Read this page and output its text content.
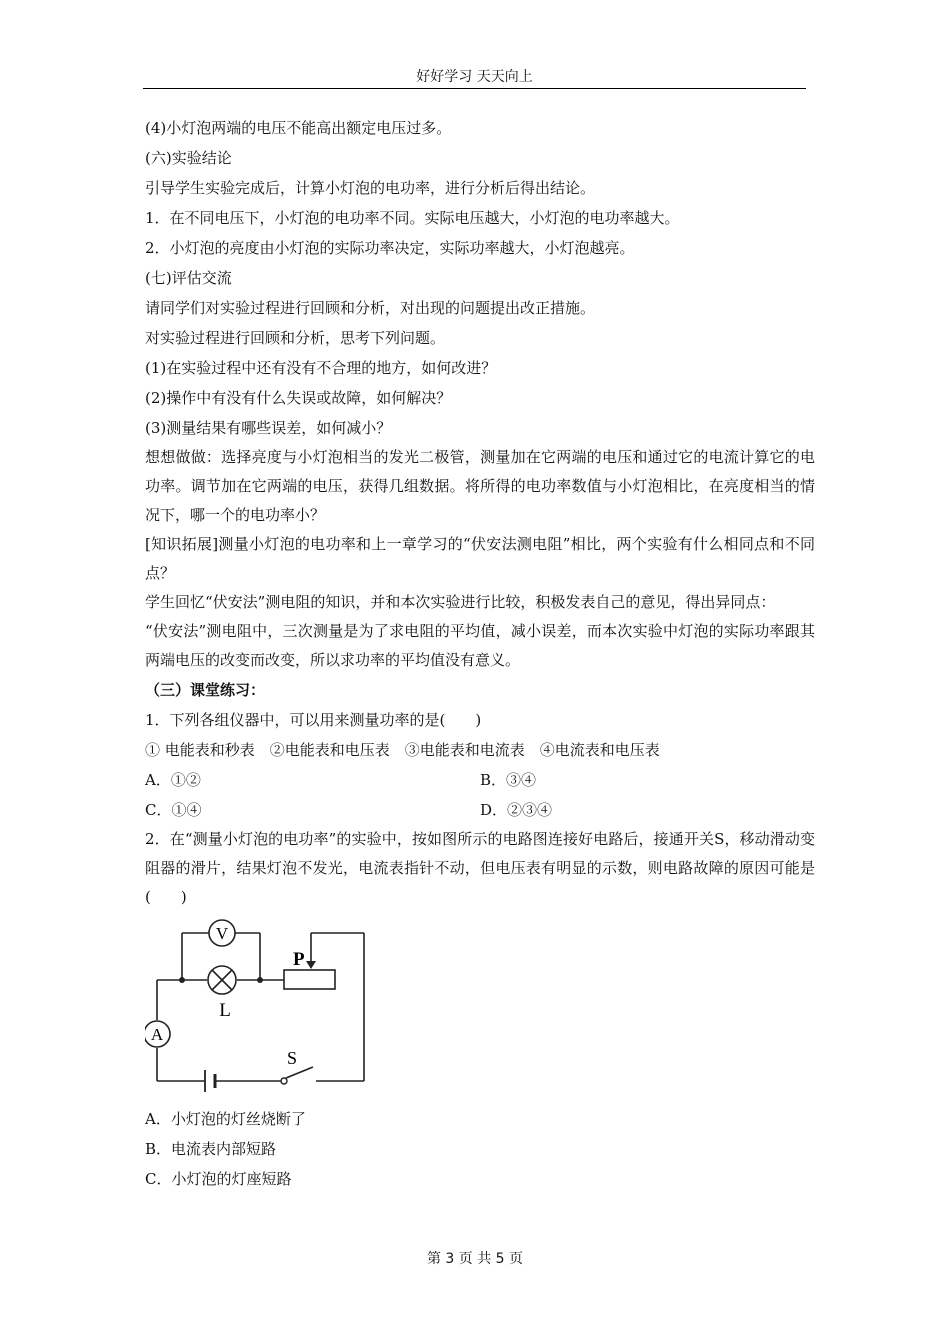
好好学习 天天向上
(4)小灯泡两端的电压不能高出额定电压过多。
(六)实验结论
引导学生实验完成后，计算小灯泡的电功率，进行分析后得出结论。
1．在不同电压下，小灯泡的电功率不同。实际电压越大，小灯泡的电功率越大。
2．小灯泡的亮度由小灯泡的实际功率决定，实际功率越大，小灯泡越亮。
(七)评估交流
请同学们对实验过程进行回顾和分析，对出现的问题提出改正措施。
对实验过程进行回顾和分析，思考下列问题。
(1)在实验过程中还有没有不合理的地方，如何改进？
(2)操作中有没有什么失误或故障，如何解决？
(3)测量结果有哪些误差，如何减小？

想想做做：选择亮度与小灯泡相当的发光二极管，测量加在它两端的电压和通过它的电流计算它的电功率。调节加在它两端的电压，获得几组数据。将所得的电功率数值与小灯泡相比，在亮度相当的情况下，哪一个的电功率小？

[知识拓展]测量小灯泡的电功率和上一章学习的“伏安法测电阻”相比，两个实验有什么相同点和不同点？

学生回忆“伏安法”测电阻的知识，并和本次实验进行比较，积极发表自己的意见，得出异同点：

“伏安法”测电阻中，三次测量是为了求电阻的平均值，减小误差，而本次实验中灯泡的实际功率跟其两端电压的改变而改变，所以求功率的平均值没有意义。

（三）课堂练习：
1．下列各组仪器中，可以用来测量功率的是(　　)
① 电能表和秒表　②电能表和电压表　③电能表和电流表　④电流表和电压表
A．①②	B．③④
C．①④	D．②③④

2．在“测量小灯泡的电功率”的实验中，按如图所示的电路图连接好电路后，接通开关S，移动滑动变阻器的滑片，结果灯泡不发光，电流表指针不动，但电压表有明显的示数，则电路故障的原因可能是(　　)

V
L
A
P
S
A．小灯泡的灯丝烧断了
B．电流表内部短路
C．小灯泡的灯座短路
第 3 页 共 5 页
